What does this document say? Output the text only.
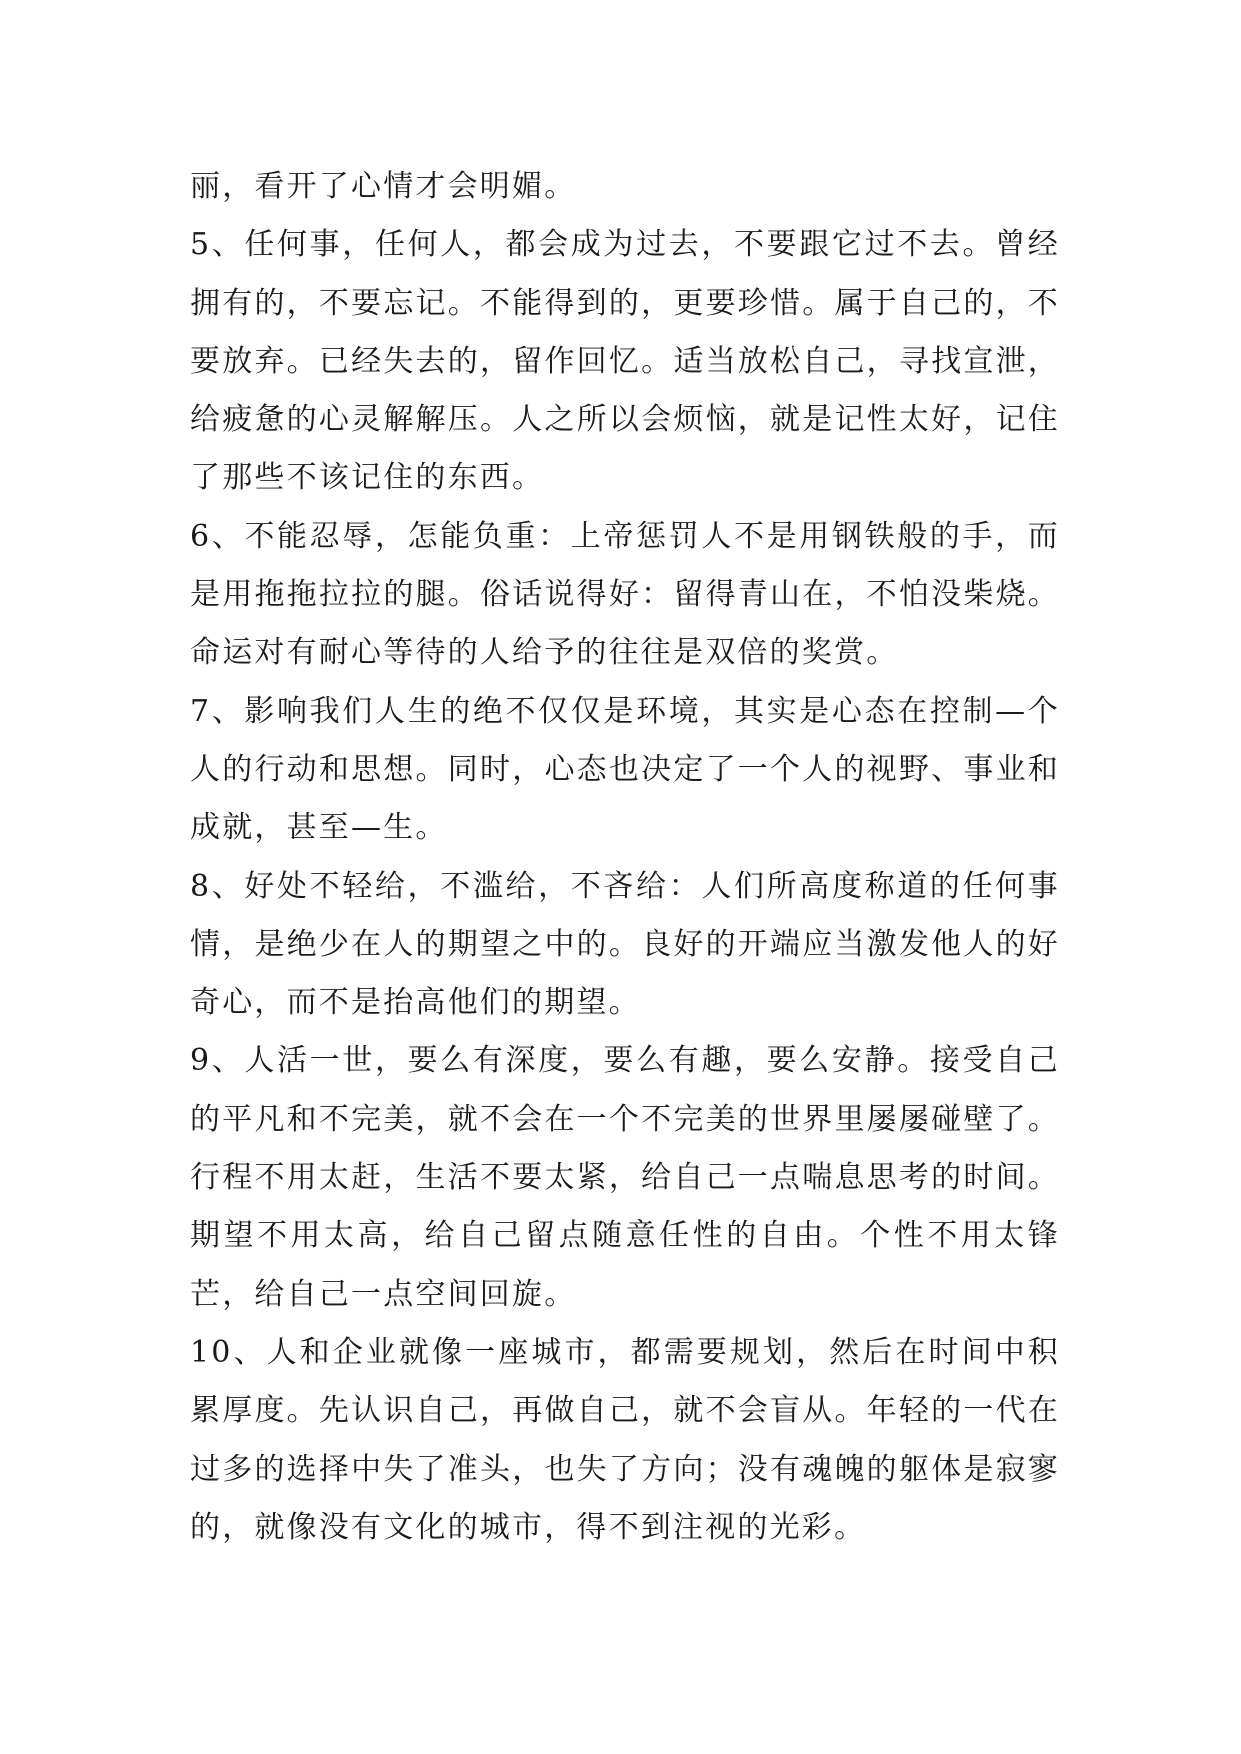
丽，看开了心情才会明媚。

5、任何事，任何人，都会成为过去，不要跟它过不去。曾经拥有的，不要忘记。不能得到的，更要珍惜。属于自己的，不要放弃。已经失去的，留作回忆。适当放松自己，寻找宣泄，给疲惫的心灵解解压。人之所以会烦恼，就是记性太好，记住了那些不该记住的东西。

6、不能忍辱，怎能负重：上帝惩罚人不是用钢铁般的手，而是用拖拖拉拉的腿。俗话说得好：留得青山在，不怕没柴烧。命运对有耐心等待的人给予的往往是双倍的奖赏。

7、影响我们人生的绝不仅仅是环境，其实是心态在控制—个人的行动和思想。同时，心态也决定了一个人的视野、事业和成就，甚至—生。

8、好处不轻给，不滥给，不吝给：人们所高度称道的任何事情，是绝少在人的期望之中的。良好的开端应当激发他人的好奇心，而不是抬高他们的期望。

9、人活一世，要么有深度，要么有趣，要么安静。接受自己的平凡和不完美，就不会在一个不完美的世界里屡屡碰壁了。行程不用太赶，生活不要太紧，给自己一点喘息思考的时间。期望不用太高，给自己留点随意任性的自由。个性不用太锋芒，给自己一点空间回旋。

10、人和企业就像一座城市，都需要规划，然后在时间中积累厚度。先认识自己，再做自己，就不会盲从。年轻的一代在过多的选择中失了准头，也失了方向；没有魂魄的躯体是寂寥的，就像没有文化的城市，得不到注视的光彩。
